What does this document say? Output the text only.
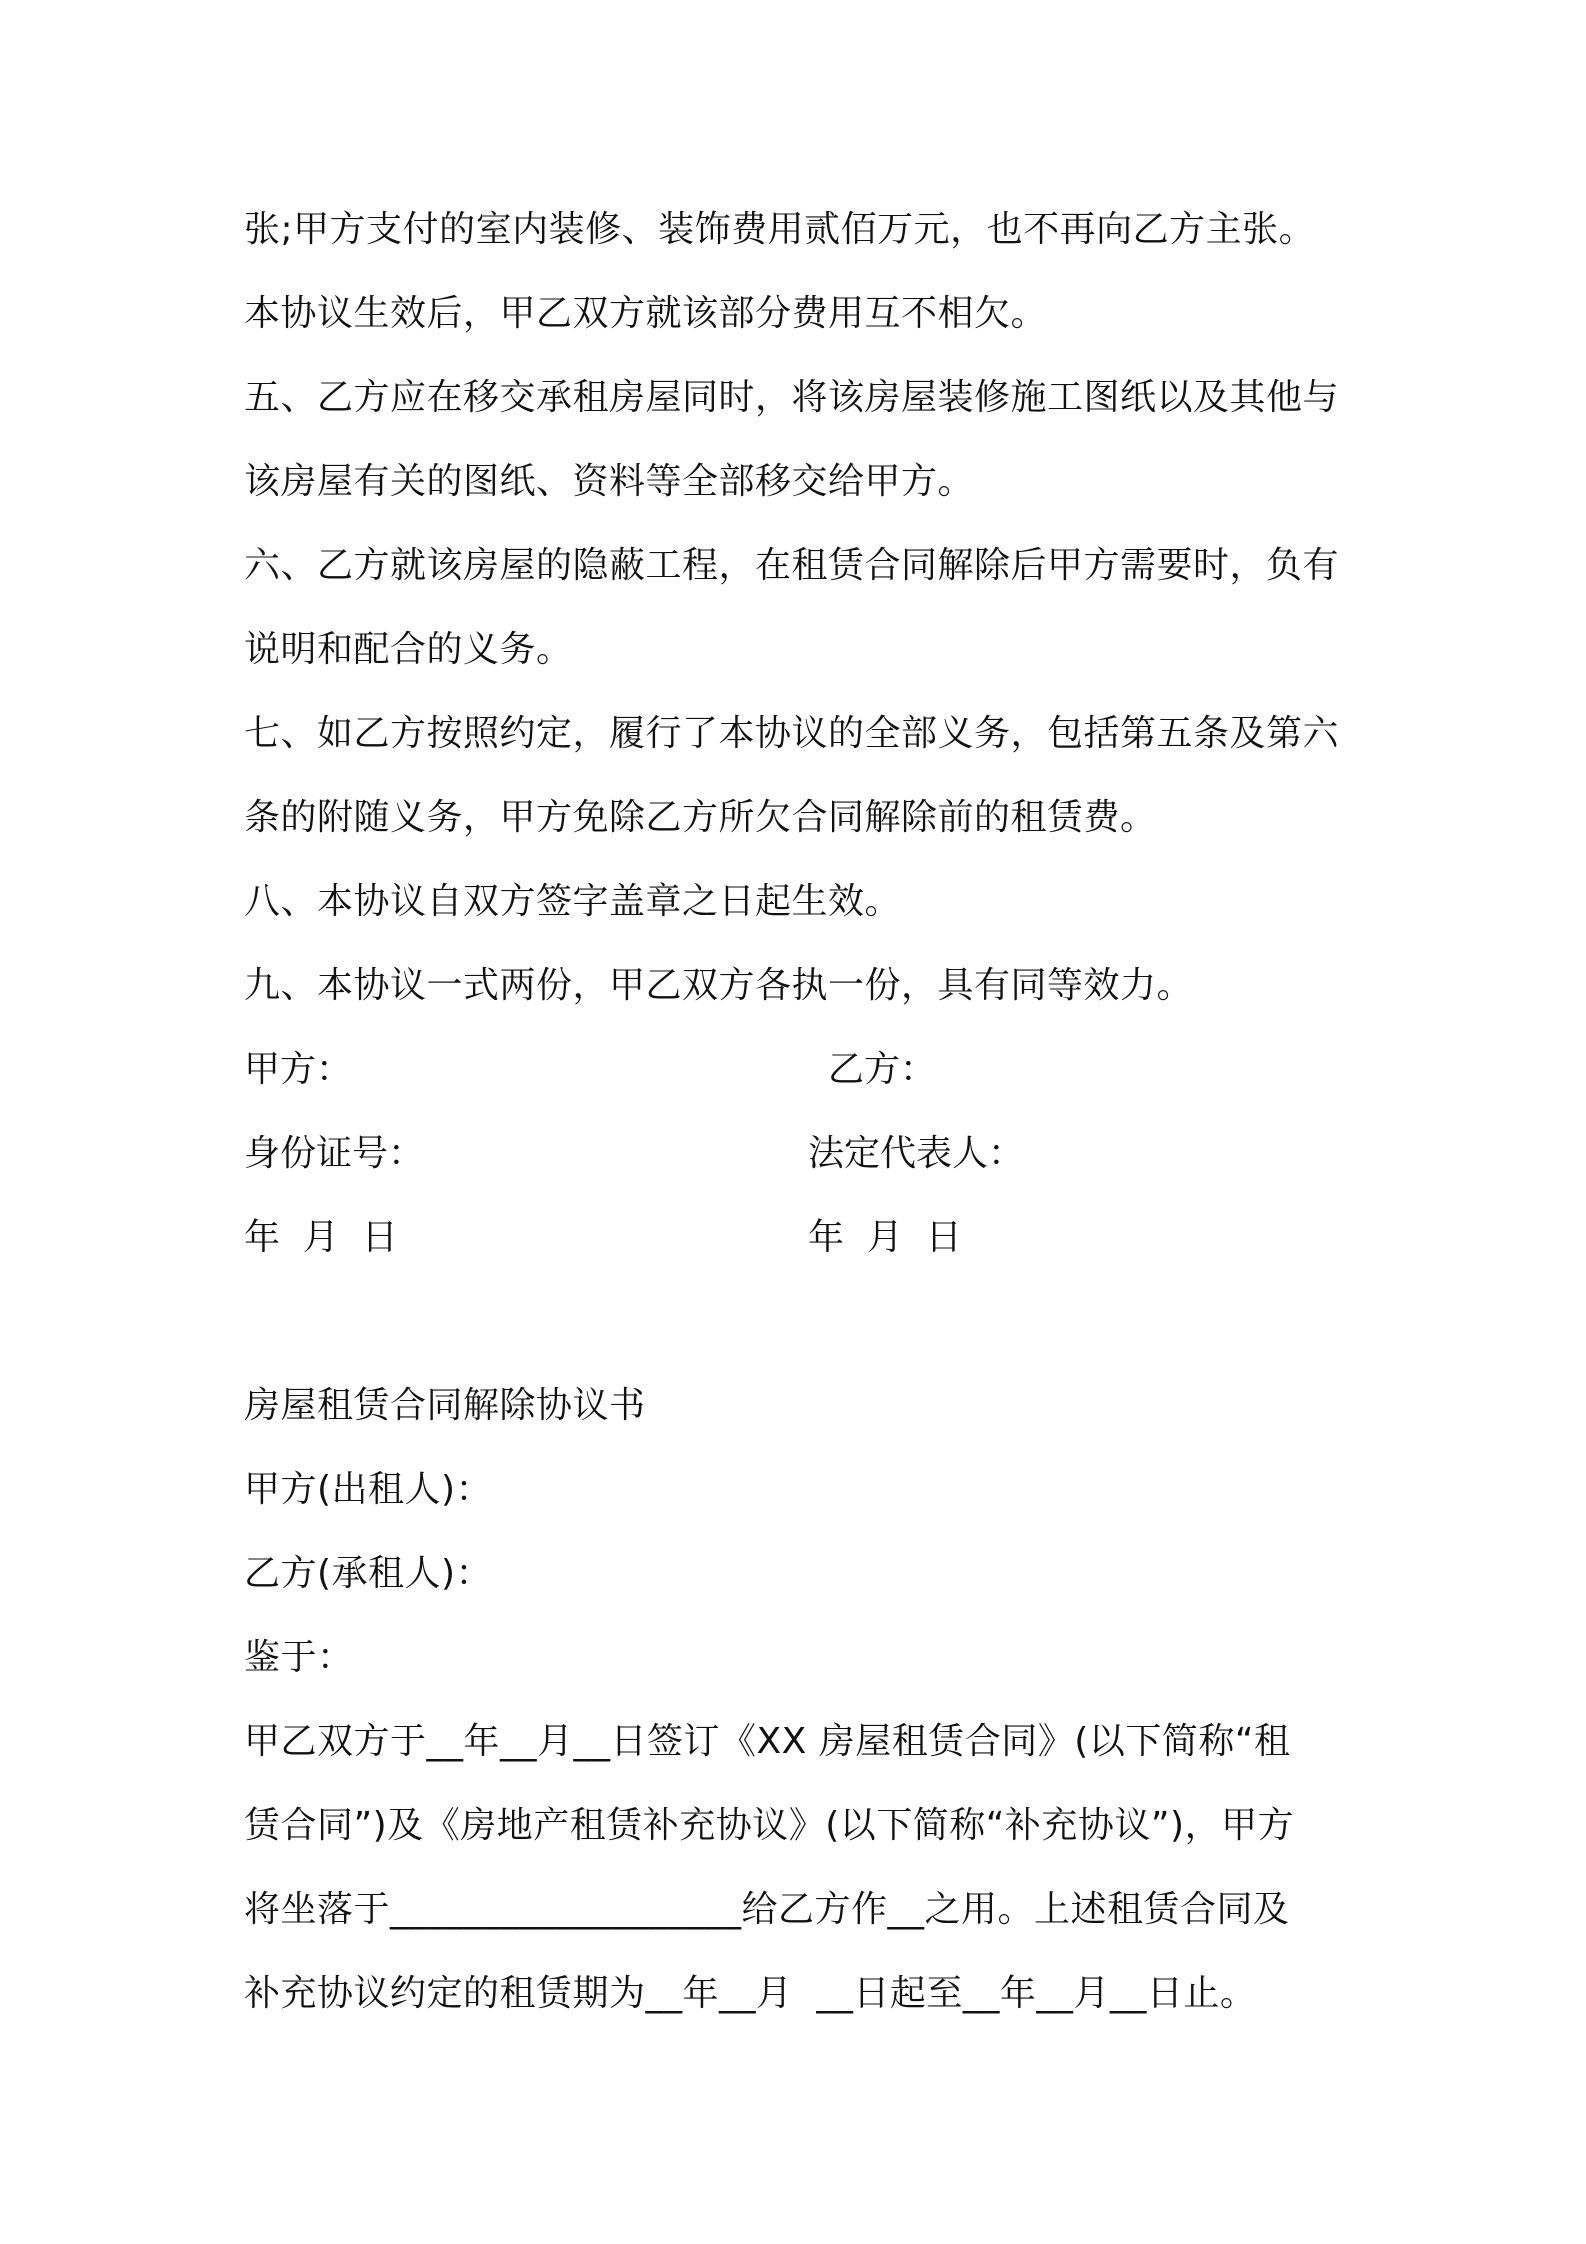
张;甲方支付的室内装修、装饰费用贰佰万元，也不再向乙方主张。
本协议生效后，甲乙双方就该部分费用互不相欠。
五、乙方应在移交承租房屋同时，将该房屋装修施工图纸以及其他与
该房屋有关的图纸、资料等全部移交给甲方。
六、乙方就该房屋的隐蔽工程，在租赁合同解除后甲方需要时，负有
说明和配合的义务。
七、如乙方按照约定，履行了本协议的全部义务，包括第五条及第六
条的附随义务，甲方免除乙方所欠合同解除前的租赁费。
八、本协议自双方签字盖章之日起生效。
九、本协议一式两份，甲乙双方各执一份，具有同等效力。
甲方：	乙方：
身份证号：	法定代表人：
年  月  日	年  月  日
房屋租赁合同解除协议书
甲方(出租人)：
乙方(承租人)：
鉴于：
甲乙双方于__年__月__日签订《XX 房屋租赁合同》(以下简称“租
赁合同”)及《房地产租赁补充协议》(以下简称“补充协议”)，甲方
将坐落于___________________给乙方作__之用。上述租赁合同及
补充协议约定的租赁期为__年__月  __日起至__年__月__日止。
